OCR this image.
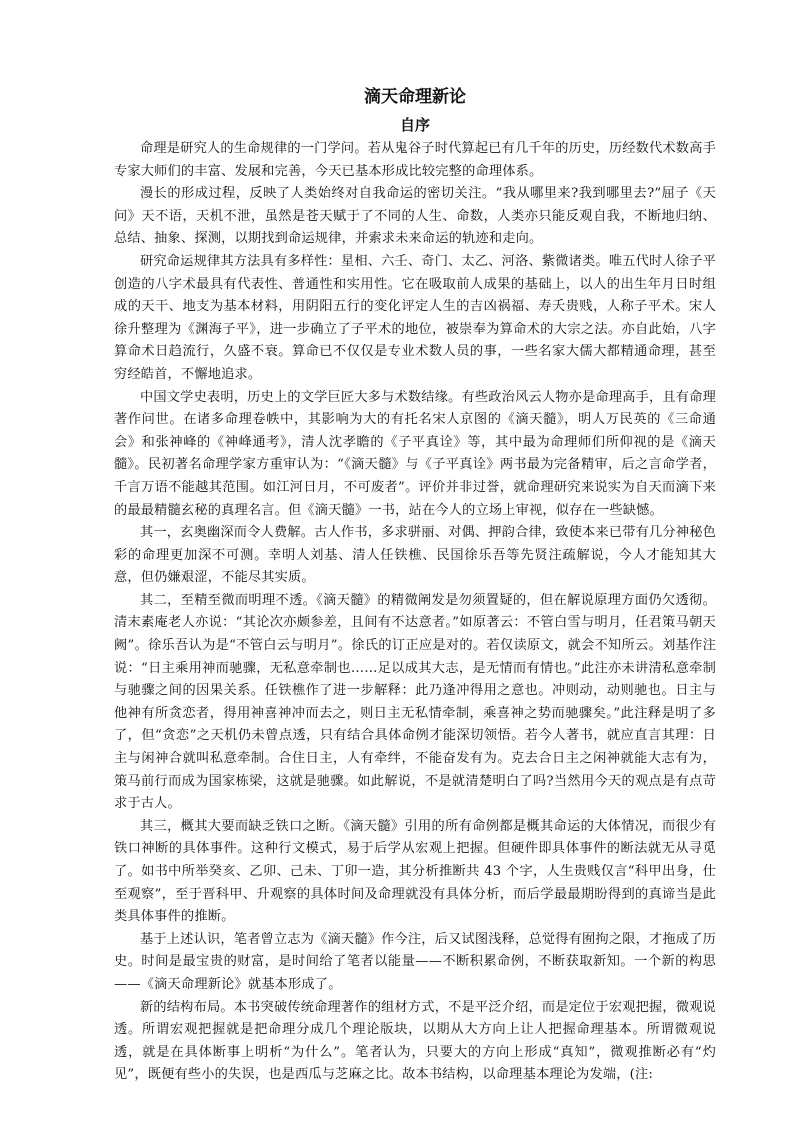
滴天命理新论
自序

命理是研究人的生命规律的一门学问。若从鬼谷子时代算起已有几千年的历史，历经数代术数高手专家大师们的丰富、发展和完善，今天已基本形成比较完整的命理体系。

漫长的形成过程，反映了人类始终对自我命运的密切关注。“我从哪里来?我到哪里去?”屈子《天问》天不语，天机不泄，虽然是苍天赋于了不同的人生、命数，人类亦只能反观自我，不断地归纳、总结、抽象、探测，以期找到命运规律，并索求未来命运的轨迹和走向。

研究命运规律其方法具有多样性：星相、六壬、奇门、太乙、河洛、紫微诸类。唯五代时人徐子平创造的八字术最具有代表性、普通性和实用性。它在吸取前人成果的基础上，以人的出生年月日时组成的天干、地支为基本材料，用阴阳五行的变化评定人生的吉凶祸福、寿夭贵贱，人称子平术。宋人徐升整理为《渊海子平》，进一步确立了子平术的地位，被崇奉为算命术的大宗之法。亦自此始，八字算命术日趋流行，久盛不衰。算命已不仅仅是专业术数人员的事，一些名家大儒大都精通命理，甚至穷经皓首，不懈地追求。

中国文学史表明，历史上的文学巨匠大多与术数结缘。有些政治风云人物亦是命理高手，且有命理著作问世。在诸多命理卷帙中，其影响为大的有托名宋人京图的《滴天髓》，明人万民英的《三命通会》和张神峰的《神峰通考》，清人沈孝瞻的《子平真诠》等，其中最为命理师们所仰视的是《滴天髓》。民初著名命理学家方重审认为：“《滴天髓》与《子平真诠》两书最为完备精审，后之言命学者，千言万语不能越其范围。如江河日月，不可废者”。评价并非过誉，就命理研究来说实为自天而滴下来的最最精髓玄秘的真理名言。但《滴天髓》一书，站在今人的立场上审视，似存在一些缺憾。

其一，玄奥幽深而令人费解。古人作书，多求骈丽、对偶、押韵合律，致使本来已带有几分神秘色彩的命理更加深不可测。幸明人刘基、清人任铁樵、民国徐乐吾等先贤注疏解说，今人才能知其大意，但仍嫌艰涩，不能尽其实质。

其二，至精至微而明理不透。《滴天髓》的精微阐发是勿须置疑的，但在解说原理方面仍欠透彻。清末素庵老人亦说：“其论次亦颇参差，且间有不达意者。”如原著云：不管白雪与明月，任君策马朝天阙”。徐乐吾认为是“不管白云与明月”。徐氏的订正应是对的。若仅读原文，就会不知所云。刘基作注说：“日主乘用神而驰骤，无私意牵制也……足以成其大志，是无情而有情也。”此注亦未讲清私意牵制与驰骤之间的因果关系。任铁樵作了进一步解释：此乃逢冲得用之意也。冲则动，动则驰也。日主与他神有所贪恋者，得用神喜神冲而去之，则日主无私情牵制，乘喜神之势而驰骤矣。”此注释是明了多了，但“贪恋”之天机仍未曾点透，只有结合具体命例才能深切领悟。若今人著书，就应直言其理：日主与闲神合就叫私意牵制。合住日主，人有牵绊，不能奋发有为。克去合日主之闲神就能大志有为，策马前行而成为国家栋梁，这就是驰骤。如此解说，不是就清楚明白了吗?当然用今天的观点是有点苛求于古人。

其三，概其大要而缺乏铁口之断。《滴天髓》引用的所有命例都是概其命运的大体情况，而很少有铁口神断的具体事件。这种行文模式，易于后学从宏观上把握。但硬件即具体事件的断法就无从寻觅了。如书中所举癸亥、乙卯、己未、丁卯一造，其分析推断共 43 个字，人生贵贱仅言“科甲出身，仕至观察”，至于晋科甲、升观察的具体时间及命理就没有具体分析，而后学最最期盼得到的真谛当是此类具体事件的推断。

基于上述认识，笔者曾立志为《滴天髓》作今注，后又试图浅释，总觉得有囿拘之限，才拖成了历史。时间是最宝贵的财富，是时间给了笔者以能量——不断积累命例，不断获取新知。一个新的构思——《滴天命理新论》就基本形成了。

新的结构布局。本书突破传统命理著作的组材方式，不是平泛介绍，而是定位于宏观把握，微观说透。所谓宏观把握就是把命理分成几个理论版块，以期从大方向上让人把握命理基本。所谓微观说透，就是在具体断事上明析“为什么”。笔者认为，只要大的方向上形成“真知”，微观推断必有“灼见”，既便有些小的失误，也是西瓜与芝麻之比。故本书结构，以命理基本理论为发端，(注:
